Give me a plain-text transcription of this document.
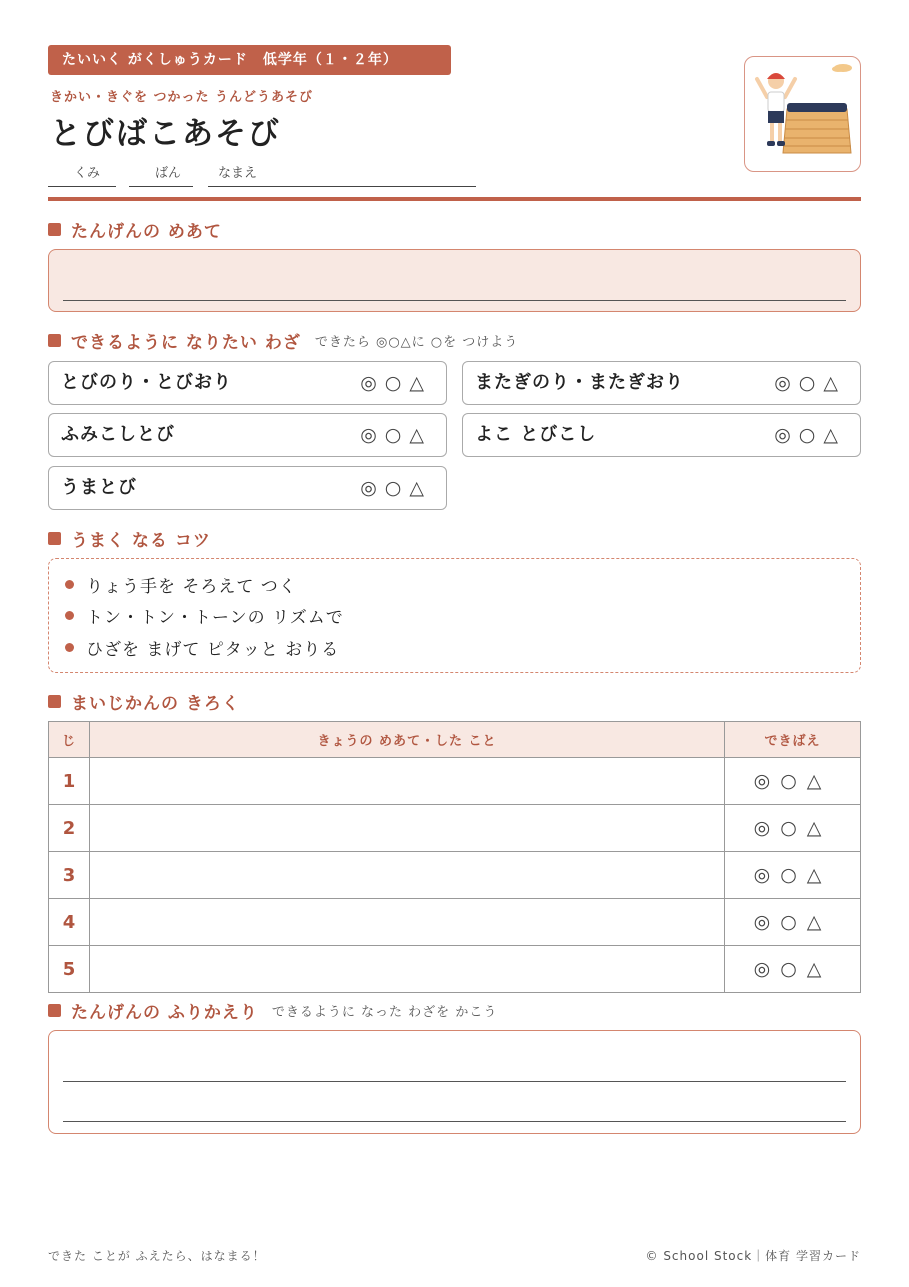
たいいく がくしゅうカード　低学年（１・２年）
きかい・きぐを つかった うんどうあそび
とびばこあそび
くみ	ばん	なまえ
たんげんの めあて
できるように なりたい わざ できたら ◎○△に ○を つけよう
とびのり・とびおり	◎○△ またぎのり・またぎおり	◎○△
ふみこしとび	◎○△ よこ とびこし	◎○△
うまとび	◎○△
うまく なる コツ
りょう手を そろえて つく
トン・トン・トーンの リズムで
ひざを まげて ピタッと おりる
まいじかんの きろく
じ	きょうの めあて・した こと	できばえ
1		◎○△
2		◎○△
3		◎○△
4		◎○△
5		◎○△
たんげんの ふりかえり できるように なった わざを かこう
できた ことが ふえたら、はなまる！	© School Stock｜体育 学習カード
